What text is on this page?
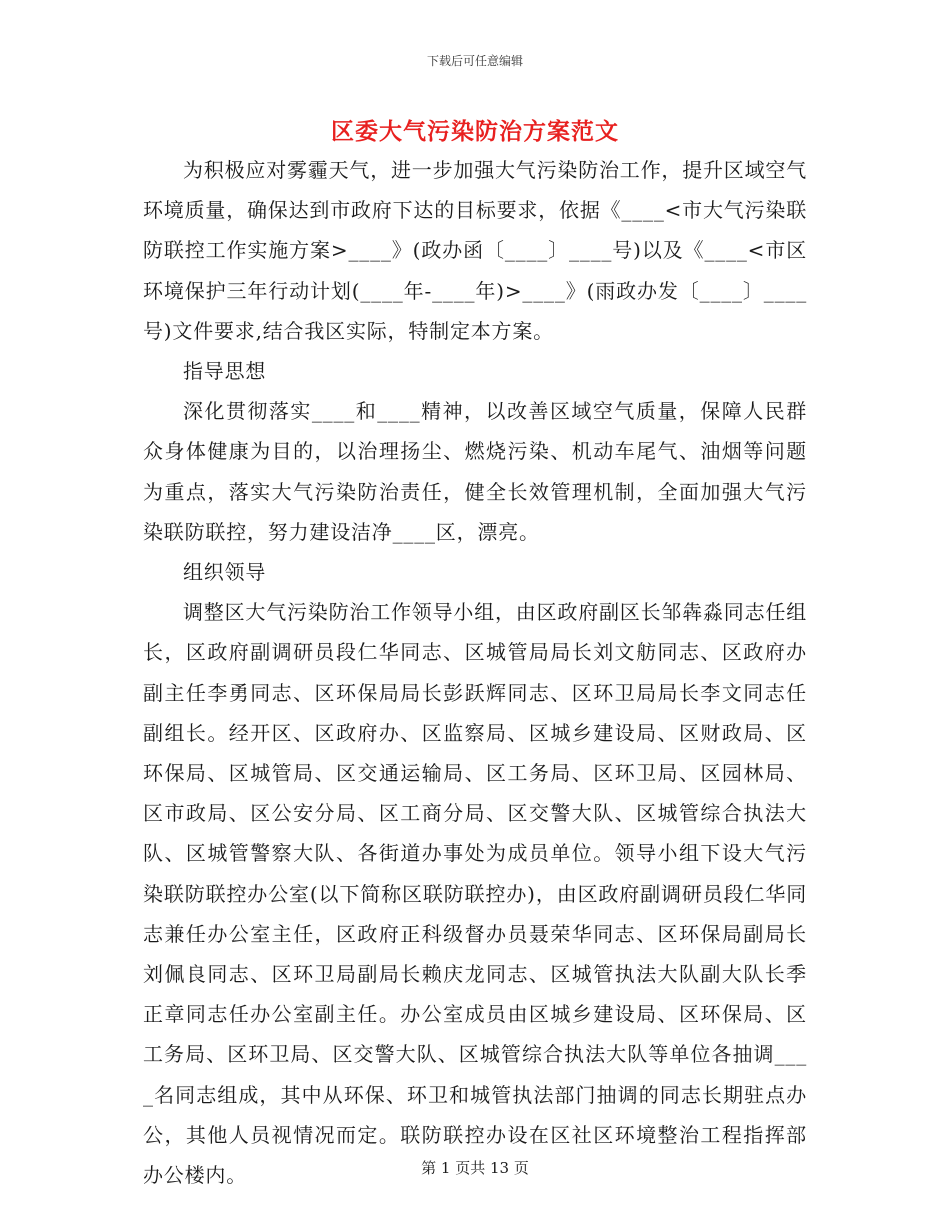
下载后可任意编辑
区委大气污染防治方案范文

为积极应对雾霾天气，进一步加强大气污染防治工作，提升区域空气环境质量，确保达到市政府下达的目标要求，依据《____<市大气污染联防联控工作实施方案>____》(政办函〔____〕____号)以及《____<市区环境保护三年行动计划(____年-____年)>____》(雨政办发〔____〕____号)文件要求,结合我区实际，特制定本方案。

指导思想

深化贯彻落实____和____精神，以改善区域空气质量，保障人民群众身体健康为目的，以治理扬尘、燃烧污染、机动车尾气、油烟等问题为重点，落实大气污染防治责任，健全长效管理机制，全面加强大气污染联防联控，努力建设洁净____区，漂亮。

组织领导

调整区大气污染防治工作领导小组，由区政府副区长邹犇淼同志任组长，区政府副调研员段仁华同志、区城管局局长刘文舫同志、区政府办副主任李勇同志、区环保局局长彭跃辉同志、区环卫局局长李文同志任副组长。经开区、区政府办、区监察局、区城乡建设局、区财政局、区环保局、区城管局、区交通运输局、区工务局、区环卫局、区园林局、区市政局、区公安分局、区工商分局、区交警大队、区城管综合执法大队、区城管警察大队、各街道办事处为成员单位。领导小组下设大气污染联防联控办公室(以下简称区联防联控办)，由区政府副调研员段仁华同志兼任办公室主任，区政府正科级督办员聂荣华同志、区环保局副局长刘佩良同志、区环卫局副局长赖庆龙同志、区城管执法大队副大队长季正章同志任办公室副主任。办公室成员由区城乡建设局、区环保局、区工务局、区环卫局、区交警大队、区城管综合执法大队等单位各抽调____名同志组成，其中从环保、环卫和城管执法部门抽调的同志长期驻点办公，其他人员视情况而定。联防联控办设在区社区环境整治工程指挥部办公楼内。	第 1 页共 13 页
